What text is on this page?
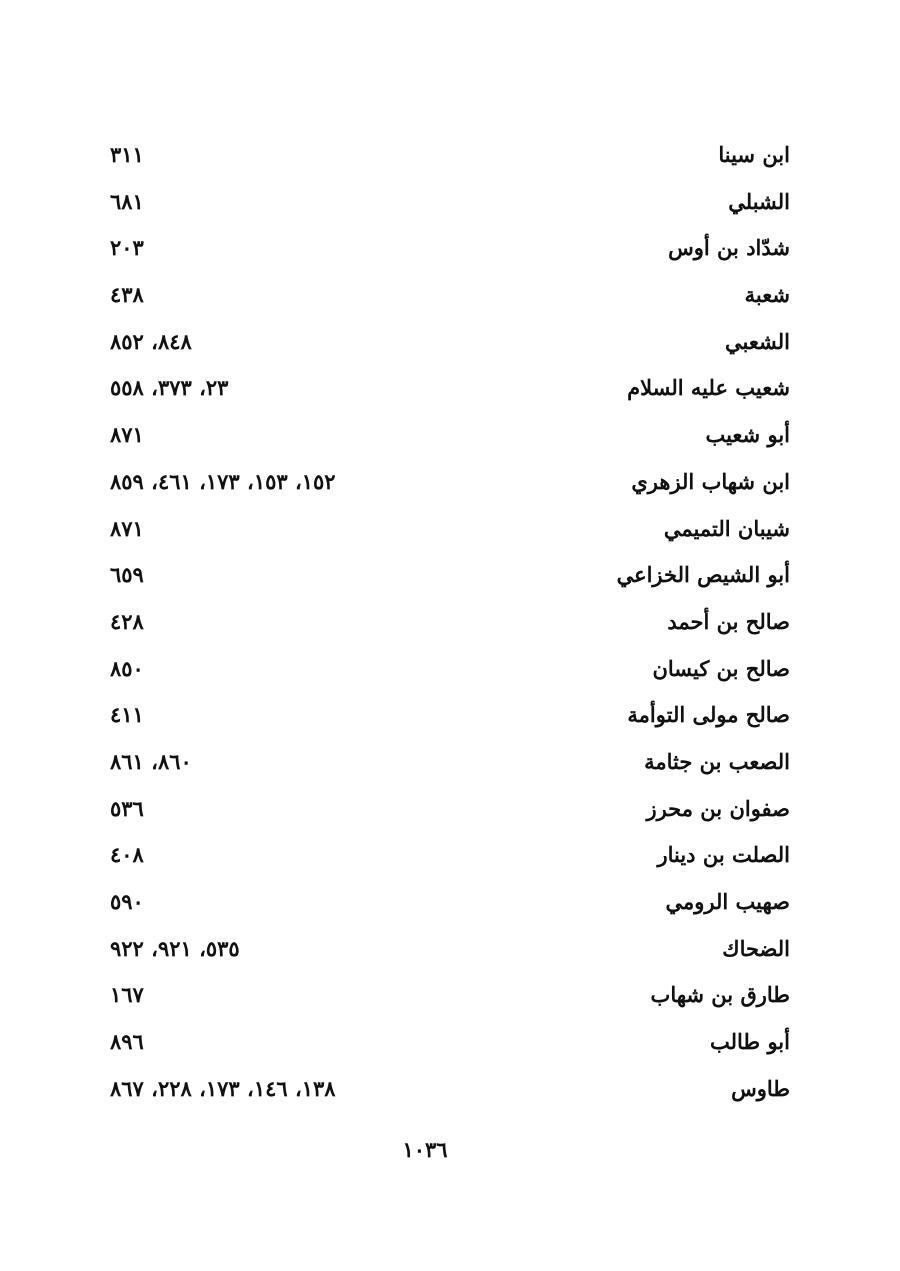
ابن سينا
٣١١
الشبلي
٦٨١
شدّاد بن أوس
٢٠٣
شعبة
٤٣٨
الشعبي
٨٤٨، ٨٥٢
شعيب عليه السلام
٢٣، ٣٧٣، ٥٥٨
أبو شعيب
٨٧١
ابن شهاب الزهري
١٥٢، ١٥٣، ١٧٣، ٤٦١، ٨٥٩
شيبان التميمي
٨٧١
أبو الشيص الخزاعي
٦٥٩
صالح بن أحمد
٤٢٨
صالح بن كيسان
٨٥٠
صالح مولى التوأمة
٤١١
الصعب بن جثامة
٨٦٠، ٨٦١
صفوان بن محرز
٥٣٦
الصلت بن دينار
٤٠٨
صهيب الرومي
٥٩٠
الضحاك
٥٣٥، ٩٢١، ٩٢٢
طارق بن شهاب
١٦٧
أبو طالب
٨٩٦
طاوس
١٣٨، ١٤٦، ١٧٣، ٢٢٨، ٨٦٧
١٠٣٦
